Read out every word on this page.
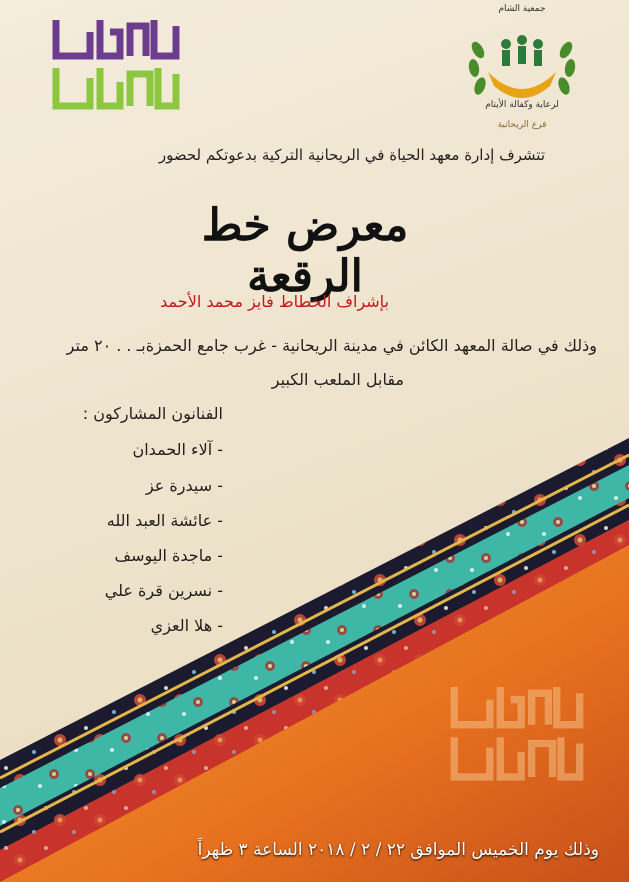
جمعية الشام
لرعاية وكفالة الأيتام
فرع الريحانية
تتشرف إدارة معهد الحياة في الريحانية التركية بدعوتكم لحضور
معرض خط الرقعة
بإشراف الخطاط فايز محمد الأحمد
وذلك في صالة المعهد الكائن في مدينة الريحانية - غرب جامع الحمزةبـ . . ٢٠ متر
مقابل الملعب الكبير
الفنانون المشاركون :
- آلاء الحمدان
- سيدرة عز
- عائشة العبد الله
- ماجدة اليوسف
- نسرين قرة علي
- هلا العزي
وذلك يوم الخميس الموافق ٢٢ / ٢ / ٢٠١٨ الساعة ٣ ظهراً
